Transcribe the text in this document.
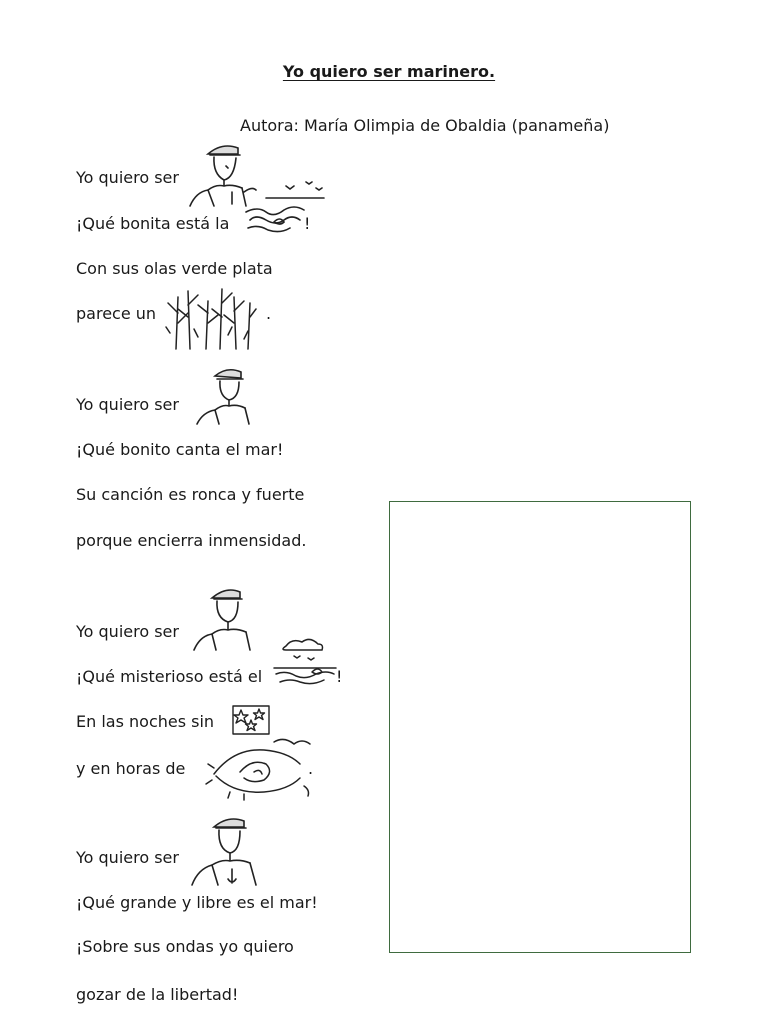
Yo quiero ser marinero.
Autora: María Olimpia de Obaldia (panameña)
Yo quiero ser
¡Qué bonita está la	!
Con sus olas verde plata
parece un	.
Yo quiero ser
¡Qué bonito canta el mar!
Su canción es ronca y fuerte
porque encierra inmensidad.
Yo quiero ser
¡Qué misterioso está el	!
En las noches sin
y en horas de	.
Yo quiero ser
¡Qué grande y libre es el mar!
¡Sobre sus ondas yo quiero
gozar de la libertad!
